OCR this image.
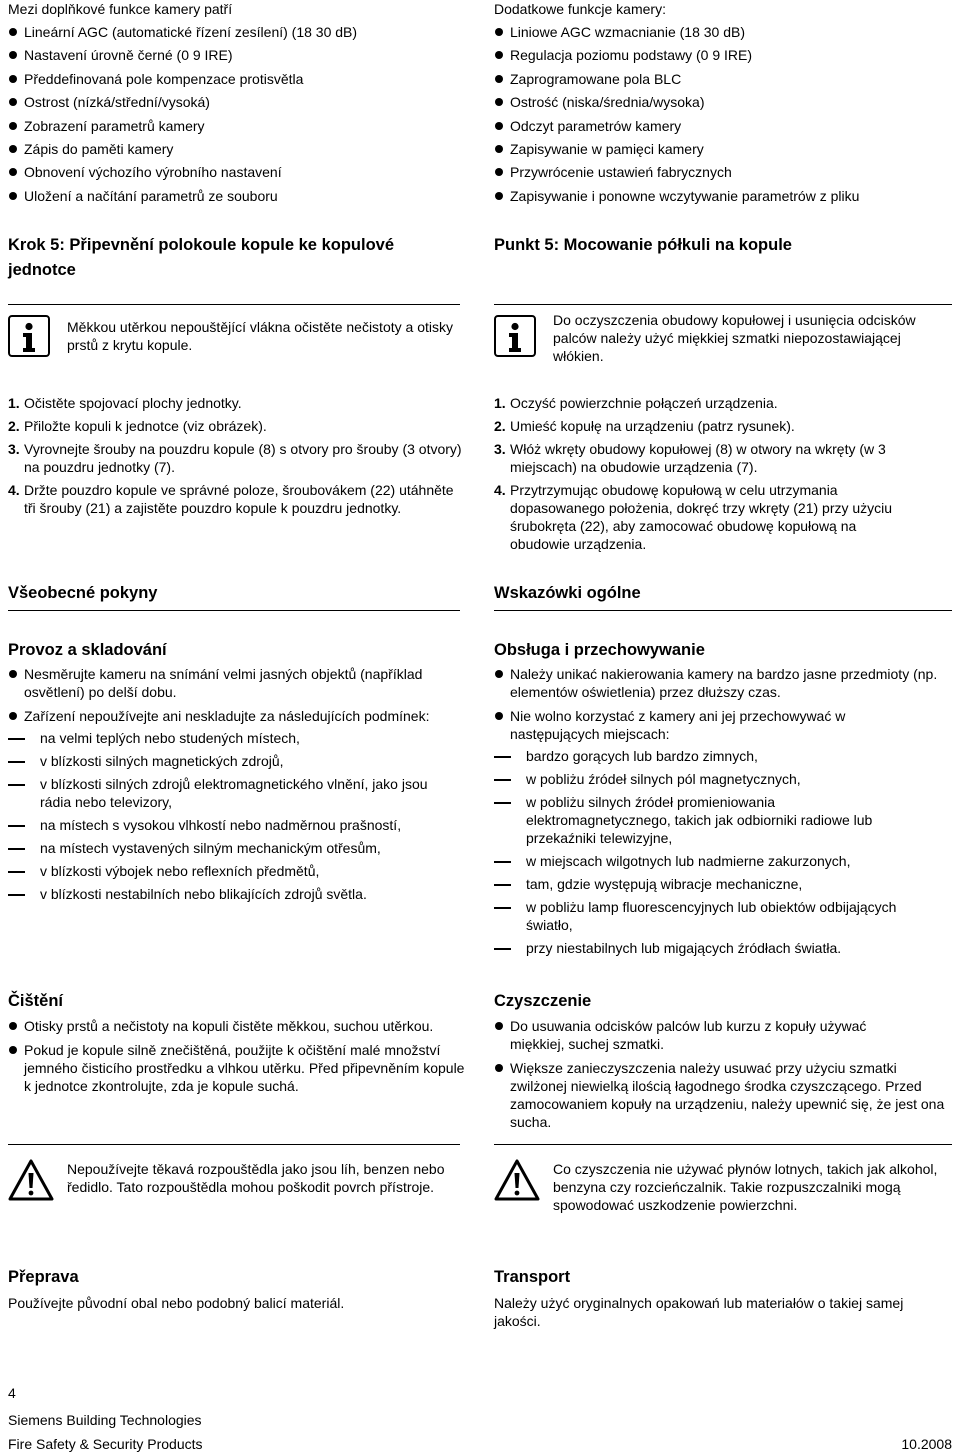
Mezi doplňkové funkce kamery patří

Lineární AGC (automatické řízení zesílení) (18 30 dB)
Nastavení úrovně černé (0 9 IRE)
Předdefinovaná pole kompenzace protisvětla
Ostrost (nízká/střední/vysoká)
Zobrazení parametrů kamery
Zápis do paměti kamery
Obnovení výchozího výrobního nastavení
Uložení a načítání parametrů ze souboru
Krok 5: Připevnění polokoule kopule ke kopulové jednotce
Měkkou utěrkou nepouštějící vlákna očistěte nečistoty a otisky prstů z krytu kopule.
1. Očistěte spojovací plochy jednotky.
2. Přiložte kopuli k jednotce (viz obrázek).
3. Vyrovnejte šrouby na pouzdru kopule (8) s otvory pro šrouby (3 otvory) na pouzdru jednotky (7).
4. Držte pouzdro kopule ve správné poloze, šroubovákem (22) utáhněte tři šrouby (21) a zajistěte pouzdro kopule k pouzdru jednotky.
Všeobecné pokyny
Provoz a skladování
Nesměrujte kameru na snímání velmi jasných objektů (například osvětlení) po delší dobu.
Zařízení nepoužívejte ani neskladujte za následujících podmínek:
na velmi teplých nebo studených místech,
v blízkosti silných magnetických zdrojů,
v blízkosti silných zdrojů elektromagnetického vlnění, jako jsou rádia nebo televizory,
na místech s vysokou vlhkostí nebo nadměrnou prašností,
na místech vystavených silným mechanickým otřesům,
v blízkosti výbojek nebo reflexních předmětů,
v blízkosti nestabilních nebo blikajících zdrojů světla.
Čištění
Otisky prstů a nečistoty na kopuli čistěte měkkou, suchou utěrkou.
Pokud je kopule silně znečištěná, použijte k očištění malé množství jemného čisticího prostředku a vlhkou utěrku. Před připevněním kopule k jednotce zkontrolujte, zda je kopule suchá.
Nepoužívejte těkavá rozpouštědla jako jsou líh, benzen nebo ředidlo. Tato rozpouštědla mohou poškodit povrch přístroje.
Přeprava
Používejte původní obal nebo podobný balicí materiál.

Dodatkowe funkcje kamery:

Liniowe AGC wzmacnianie (18 30 dB)
Regulacja poziomu podstawy (0 9 IRE)
Zaprogramowane pola BLC
Ostrość (niska/średnia/wysoka)
Odczyt parametrów kamery
Zapisywanie w pamięci kamery
Przywrócenie ustawień fabrycznych
Zapisywanie i ponowne wczytywanie parametrów z pliku
Punkt 5: Mocowanie półkuli na kopule
Do oczyszczenia obudowy kopułowej i usunięcia odcisków palców należy użyć miękkiej szmatki niepozostawiającej włókien.
1. Oczyść powierzchnie połączeń urządzenia.
2. Umieść kopułę na urządzeniu (patrz rysunek).
3. Włóż wkręty obudowy kopułowej (8) w otwory na wkręty (w 3 miejscach) na obudowie urządzenia (7).
4. Przytrzymując obudowę kopułową w celu utrzymania dopasowanego położenia, dokręć trzy wkręty (21) przy użyciu śrubokręta (22), aby zamocować obudowę kopułową na obudowie urządzenia.
Wskazówki ogólne
Obsługa i przechowywanie
Należy unikać nakierowania kamery na bardzo jasne przedmioty (np. elementów oświetlenia) przez dłuższy czas.
Nie wolno korzystać z kamery ani jej przechowywać w następujących miejscach:
bardzo gorących lub bardzo zimnych,
w pobliżu źródeł silnych pól magnetycznych,
w pobliżu silnych źródeł promieniowania elektromagnetycznego, takich jak odbiorniki radiowe lub przekaźniki telewizyjne,
w miejscach wilgotnych lub nadmierne zakurzonych,
tam, gdzie występują wibracje mechaniczne,
w pobliżu lamp fluorescencyjnych lub obiektów odbijających światło,
przy niestabilnych lub migających źródłach światła.
Czyszczenie
Do usuwania odcisków palców lub kurzu z kopuły używać miękkiej, suchej szmatki.
Większe zanieczyszczenia należy usuwać przy użyciu szmatki zwilżonej niewielką ilością łagodnego środka czyszczącego. Przed zamocowaniem kopuły na urządzeniu, należy upewnić się, że jest ona sucha.
Co czyszczenia nie używać płynów lotnych, takich jak alkohol, benzyna czy rozcieńczalnik. Takie rozpuszczalniki mogą spowodować uszkodzenie powierzchni.
Transport
Należy użyć oryginalnych opakowań lub materiałów o takiej samej jakości.
4
Siemens Building Technologies
Fire Safety & Security Products	10.2008
